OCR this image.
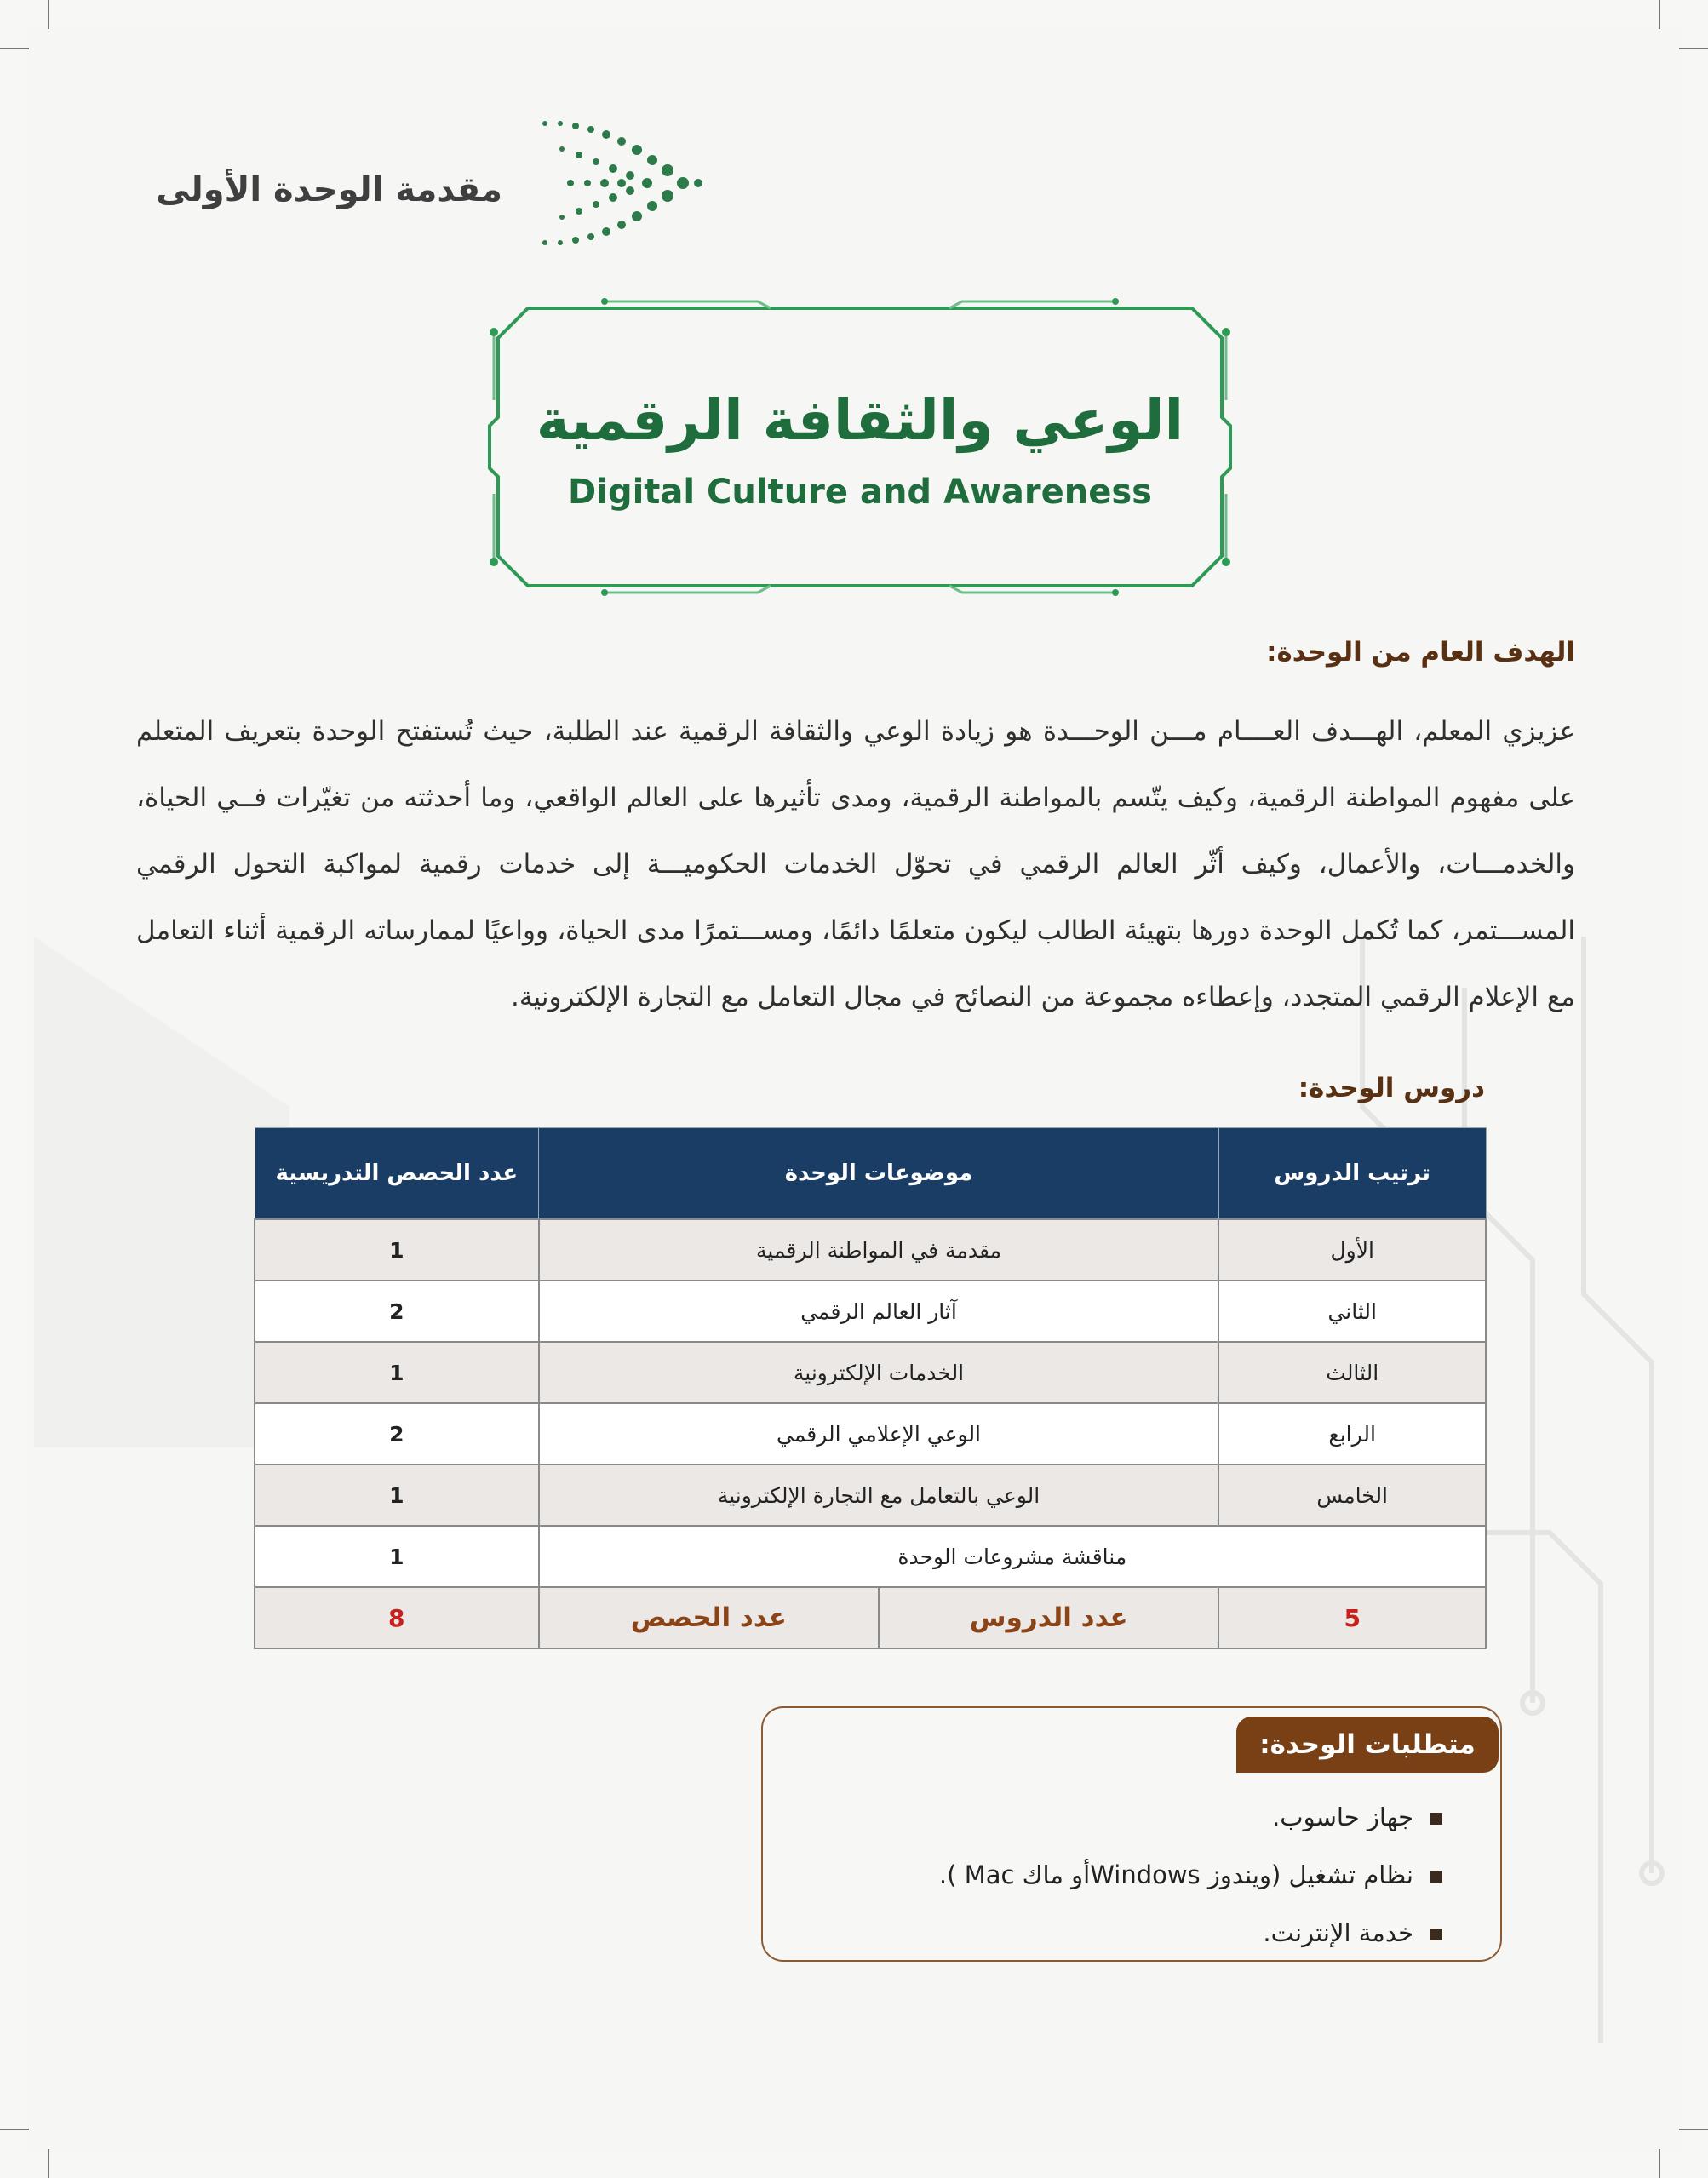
مقدمة الوحدة الأولى
الوعي والثقافة الرقمية
Digital Culture and Awareness
الهدف العام من الوحدة:
عزيزي المعلم، الهـــدف العــــام مـــن الوحـــدة هو زيادة الوعي والثقافة الرقمية عند الطلبة، حيث تُستفتح الوحدة بتعريف المتعلم على مفهوم المواطنة الرقمية، وكيف يتّسم بالمواطنة الرقمية، ومدى تأثيرها على العالم الواقعي، وما أحدثته من تغيّرات فــي الحياة، والخدمـــات، والأعمال، وكيف أثّر العالم الرقمي في تحوّل الخدمات الحكوميـــة إلى خدمات رقمية لمواكبة التحول الرقمي المســـتمر، كما تُكمل الوحدة دورها بتهيئة الطالب ليكون متعلمًا دائمًا، ومســـتمرًا مدى الحياة، وواعيًا لممارساته الرقمية أثناء التعامل مع الإعلام الرقمي المتجدد، وإعطاءه مجموعة من النصائح في مجال التعامل مع التجارة الإلكترونية.
دروس الوحدة:
ترتيب الدروس	موضوعات الوحدة		عدد الحصص التدريسية
الأول	مقدمة في المواطنة الرقمية		1
الثاني	آثار العالم الرقمي		2
الثالث	الخدمات الإلكترونية		1
الرابع	الوعي الإعلامي الرقمي		2
الخامس	الوعي بالتعامل مع التجارة الإلكترونية		1
مناقشة مشروعات الوحدة			1
5	عدد الدروس	عدد الحصص	8
متطلبات الوحدة:
جهاز حاسوب.
نظام تشغيل (ويندوز Windowsأو ماك Mac ).
خدمة الإنترنت.
